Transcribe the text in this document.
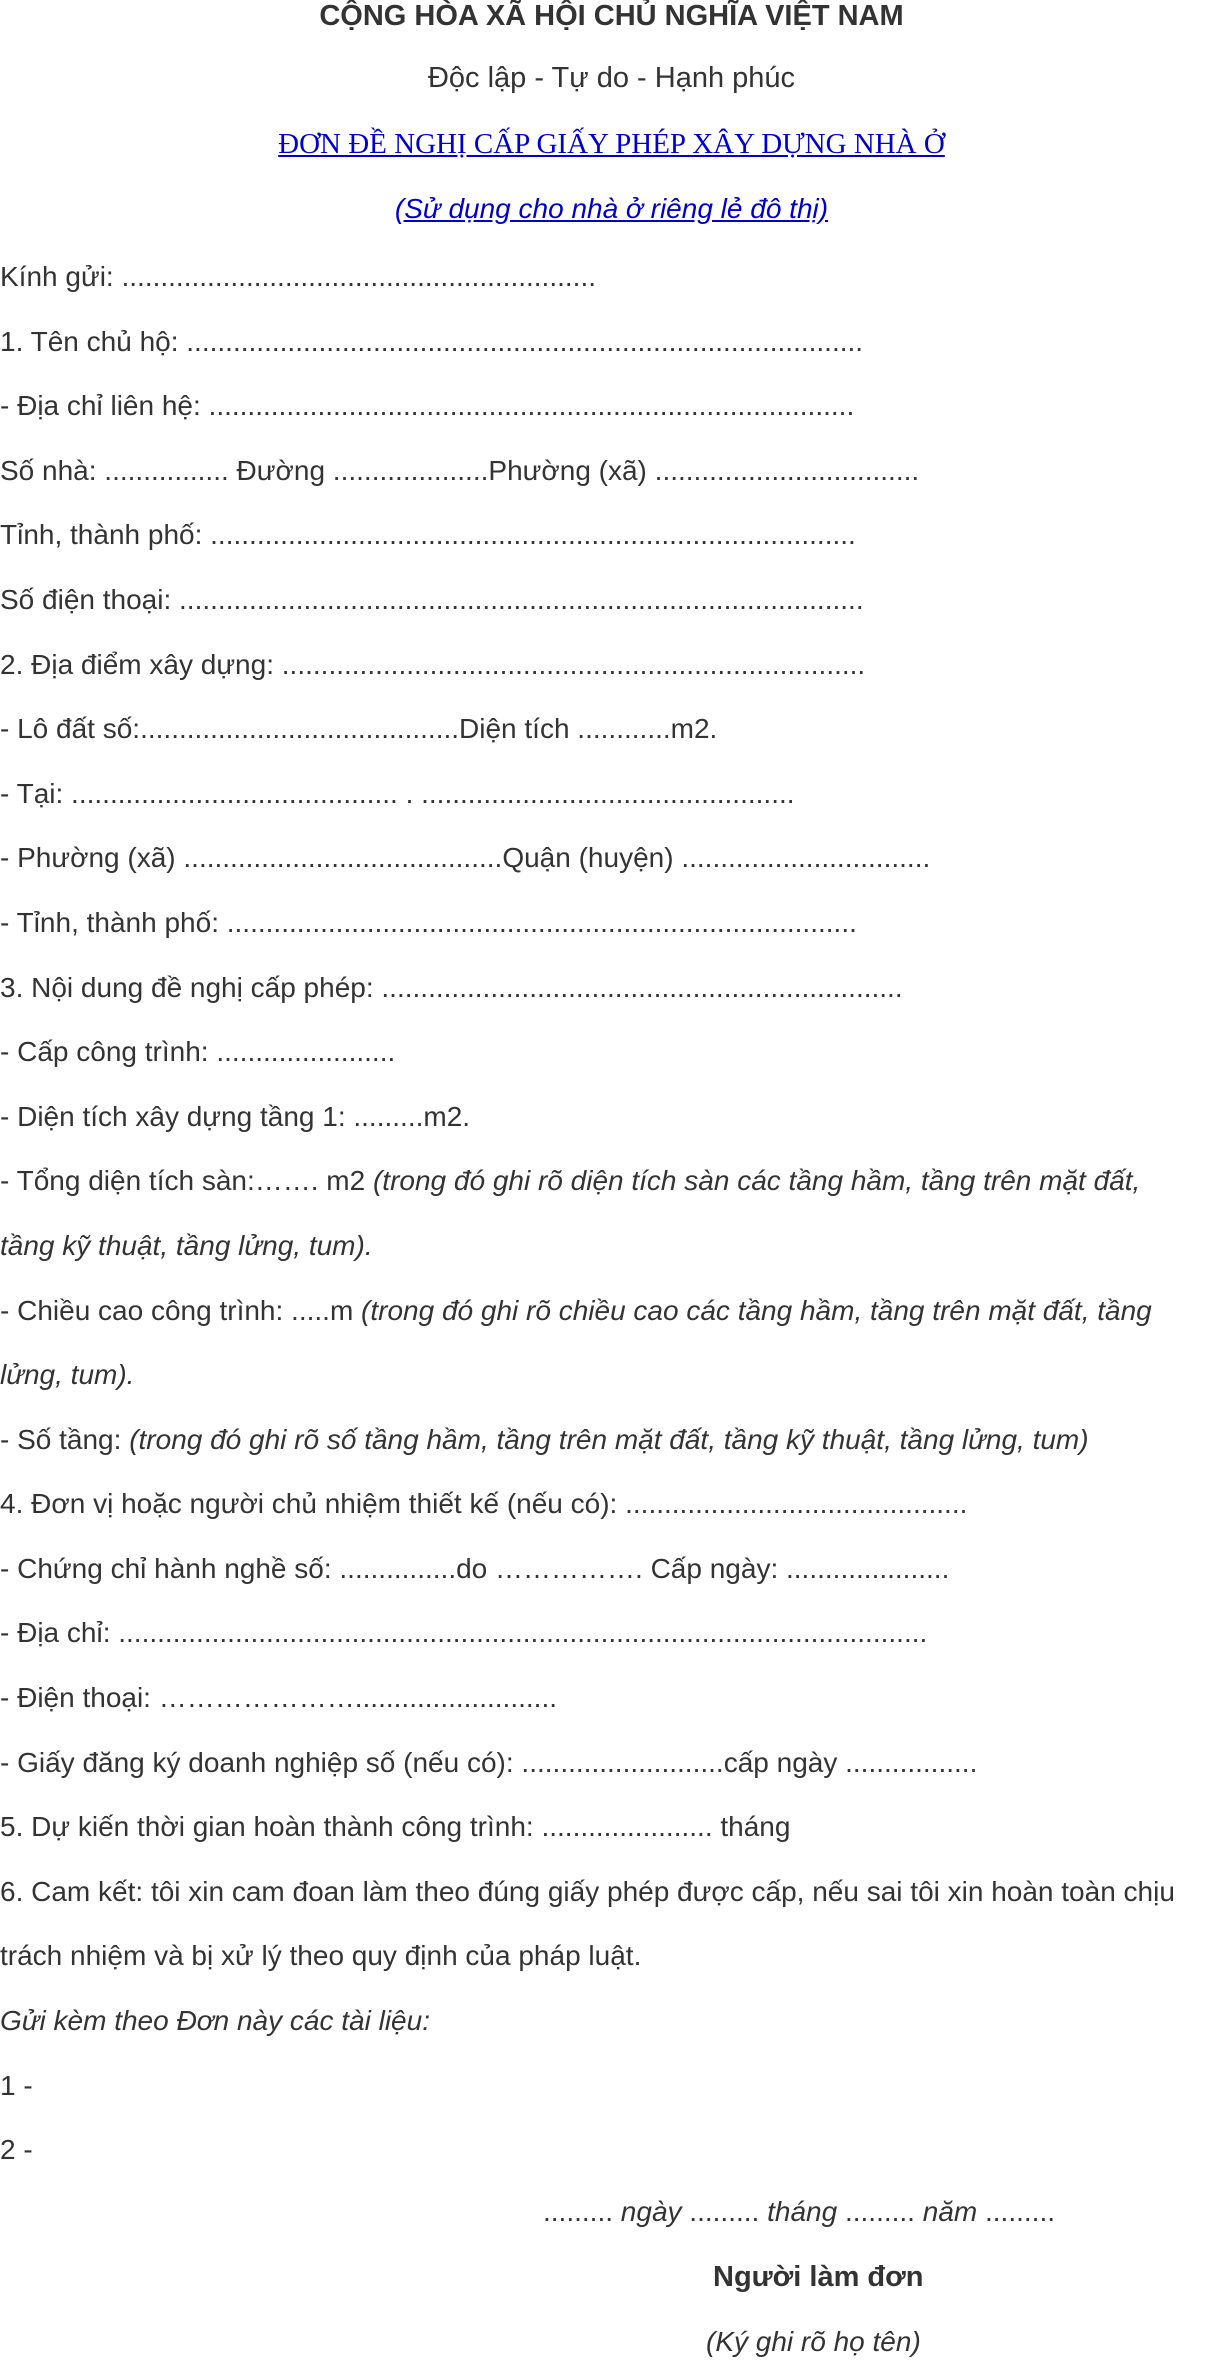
CỘNG HÒA XÃ HỘI CHỦ NGHĨA VIỆT NAM
Độc lập - Tự do - Hạnh phúc
ĐƠN ĐỀ NGHỊ CẤP GIẤY PHÉP XÂY DỰNG NHÀ Ở
(Sử dụng cho nhà ở riêng lẻ đô thị)
Kính gửi: .............................................................
1. Tên chủ hộ: .......................................................................................
- Địa chỉ liên hệ: ...................................................................................
Số nhà: ................ Đường ....................Phường (xã) ..................................
Tỉnh, thành phố: ...................................................................................
Số điện thoại: ........................................................................................
2. Địa điểm xây dựng: ...........................................................................
- Lô đất số:.........................................Diện tích ............m2.
- Tại: .......................................... . ................................................
- Phường (xã) .........................................Quận (huyện) ................................
- Tỉnh, thành phố: .................................................................................
3. Nội dung đề nghị cấp phép: ...................................................................
- Cấp công trình: .......................
- Diện tích xây dựng tầng 1: .........m2.
- Tổng diện tích sàn:……. m2 (trong đó ghi rõ diện tích sàn các tầng hầm, tầng trên mặt đất,
tầng kỹ thuật, tầng lửng, tum).
- Chiều cao công trình: .....m (trong đó ghi rõ chiều cao các tầng hầm, tầng trên mặt đất, tầng
lửng, tum).
- Số tầng: (trong đó ghi rõ số tầng hầm, tầng trên mặt đất, tầng kỹ thuật, tầng lửng, tum)
4. Đơn vị hoặc người chủ nhiệm thiết kế (nếu có): ............................................
- Chứng chỉ hành nghề số: ...............do ……………. Cấp ngày: .....................
- Địa chỉ: ........................................................................................................
- Điện thoại: …………………..........................
- Giấy đăng ký doanh nghiệp số (nếu có): ..........................cấp ngày .................
5. Dự kiến thời gian hoàn thành công trình: ...................... tháng
6. Cam kết: tôi xin cam đoan làm theo đúng giấy phép được cấp, nếu sai tôi xin hoàn toàn chịu
trách nhiệm và bị xử lý theo quy định của pháp luật.
Gửi kèm theo Đơn này các tài liệu:
1 -
2 -
......... ngày ......... tháng ......... năm .........
Người làm đơn
(Ký ghi rõ họ tên)
